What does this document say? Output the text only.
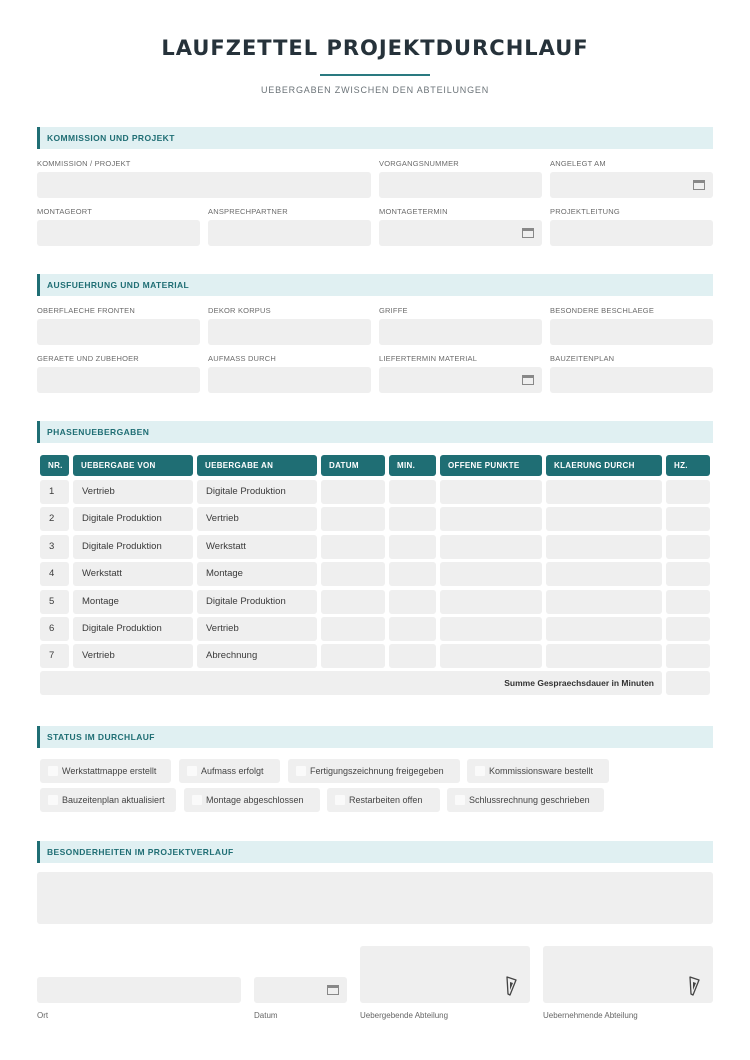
LAUFZETTEL PROJEKTDURCHLAUF
UEBERGABEN ZWISCHEN DEN ABTEILUNGEN
KOMMISSION UND PROJEKT
KOMMISSION / PROJEKT	VORGANGSNUMMER	ANGELEGT AM
MONTAGEORT	ANSPRECHPARTNER	MONTAGETERMIN	PROJEKTLEITUNG
AUSFUEHRUNG UND MATERIAL
OBERFLAECHE FRONTEN	DEKOR KORPUS	GRIFFE	BESONDERE BESCHLAEGE
GERAETE UND ZUBEHOER	AUFMASS DURCH	LIEFERTERMIN MATERIAL	BAUZEITENPLAN
PHASENUEBERGABEN
NR.	UEBERGABE VON	UEBERGABE AN	DATUM	MIN.	OFFENE PUNKTE	KLAERUNG DURCH	HZ.
1	Vertrieb	Digitale Produktion
2	Digitale Produktion	Vertrieb
3	Digitale Produktion	Werkstatt
4	Werkstatt	Montage
5	Montage	Digitale Produktion
6	Digitale Produktion	Vertrieb
7	Vertrieb	Abrechnung
Summe Gespraechsdauer in Minuten
STATUS IM DURCHLAUF
Werkstattmappe erstellt	Aufmass erfolgt	Fertigungszeichnung freigegeben	Kommissionsware bestellt
Bauzeitenplan aktualisiert	Montage abgeschlossen	Restarbeiten offen	Schlussrechnung geschrieben
BESONDERHEITEN IM PROJEKTVERLAUF
Ort	Datum	Uebergebende Abteilung	Uebernehmende Abteilung
